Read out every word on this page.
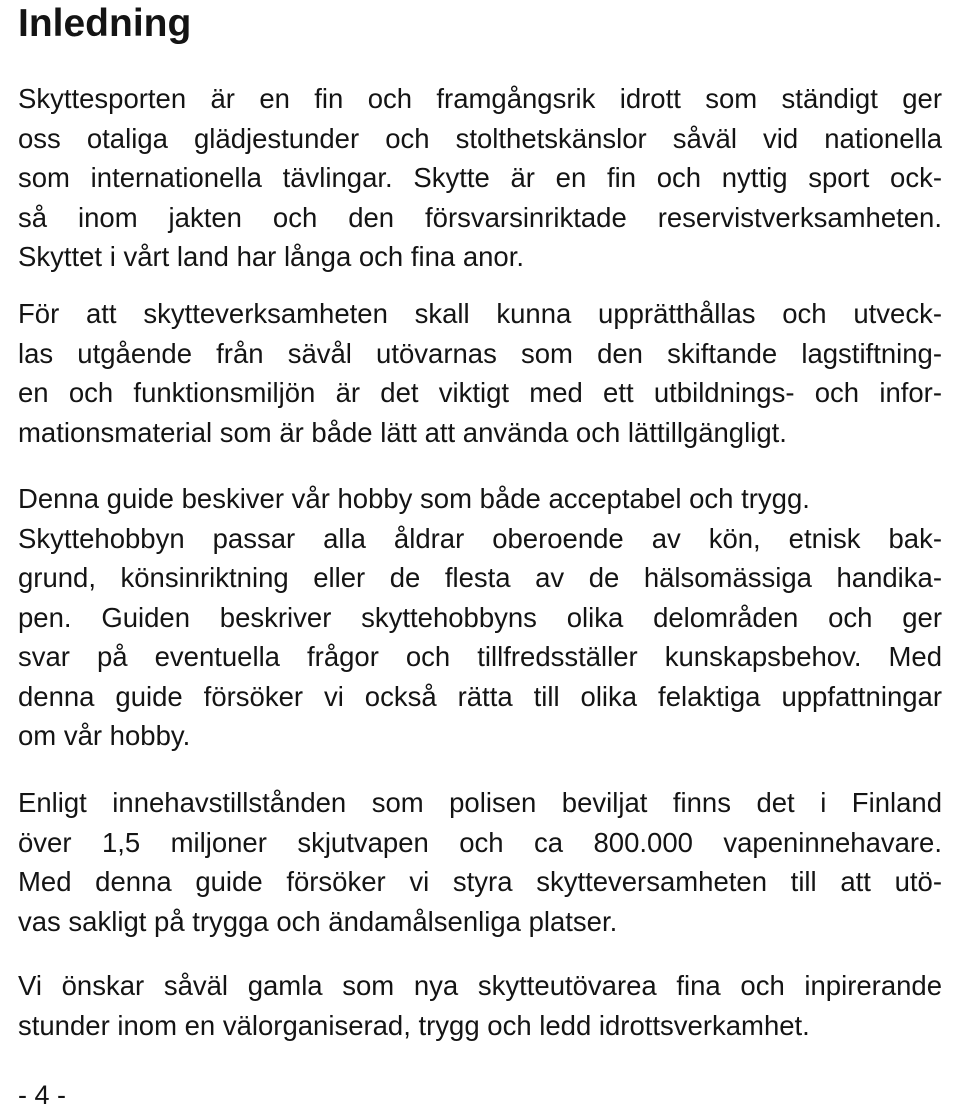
Inledning

Skyttesporten är en fin och framgångsrik idrott som ständigt ger
oss otaliga glädjestunder och stolthetskänslor såväl vid nationella
som internationella tävlingar. Skytte är en fin och nyttig sport ock-
så inom jakten och den försvarsinriktade reservistverksamheten.
Skyttet i vårt land har långa och fina anor.

För att skytteverksamheten skall kunna upprätthållas och utveck-
las utgående från sävål utövarnas som den skiftande lagstiftning-
en och funktionsmiljön är det viktigt med ett utbildnings- och infor-
mationsmaterial som är både lätt att använda och lättillgängligt.

Denna guide beskiver vår hobby som både acceptabel och trygg.
Skyttehobbyn passar alla åldrar oberoende av kön, etnisk bak-
grund, könsinriktning eller de flesta av de hälsomässiga handika-
pen. Guiden beskriver skyttehobbyns olika delområden och ger
svar på eventuella frågor och tillfredsställer kunskapsbehov. Med
denna guide försöker vi också rätta till olika felaktiga uppfattningar
om vår hobby.

Enligt innehavstillstånden som polisen beviljat finns det i Finland
över 1,5 miljoner skjutvapen och ca 800.000 vapeninnehavare.
Med denna guide försöker vi styra skytteversamheten till att utö-
vas sakligt på trygga och ändamålsenliga platser.

Vi önskar såväl gamla som nya skytteutövarea fina och inpirerande
stunder inom en välorganiserad, trygg och ledd idrottsverkamhet.

- 4 -
